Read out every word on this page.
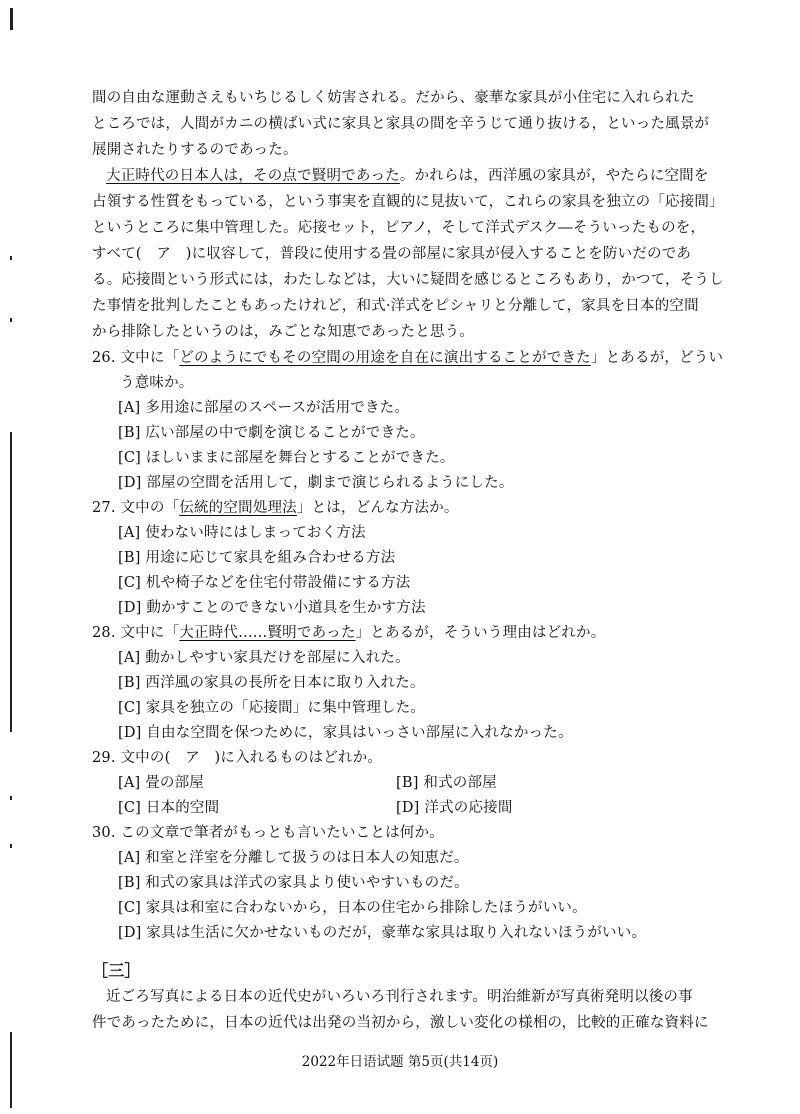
間の自由な運動さえもいちじるしく妨害される。だから、豪華な家具が小住宅に入れられた
ところでは，人間がカニの横ばい式に家具と家具の間を辛うじて通り抜ける，といった風景が
展開されたりするのであった。
大正時代の日本人は，その点で賢明であった。かれらは，西洋風の家具が，やたらに空間を
占領する性質をもっている，という事実を直観的に見抜いて，これらの家具を独立の「応接間」
というところに集中管理した。応接セット，ピアノ，そして洋式デスク―そういったものを，
すべて(　ア　)に収容して，普段に使用する畳の部屋に家具が侵入することを防いだのであ
る。応接間という形式には，わたしなどは，大いに疑問を感じるところもあり，かつて，そうし
た事情を批判したこともあったけれど，和式·洋式をピシャリと分離して，家具を日本的空間
から排除したというのは，みごとな知恵であったと思う。
26. 文中に「どのようにでもその空間の用途を自在に演出することができた」とあるが，どうい
う意味か。
[A] 多用途に部屋のスペースが活用できた。
[B] 広い部屋の中で劇を演じることができた。
[C] ほしいままに部屋を舞台とすることができた。
[D] 部屋の空間を活用して，劇まで演じられるようにした。
27. 文中の「伝統的空間処理法」とは，どんな方法か。
[A] 使わない時にはしまっておく方法
[B] 用途に応じて家具を組み合わせる方法
[C] 机や椅子などを住宅付帯設備にする方法
[D] 動かすことのできない小道具を生かす方法
28. 文中に「大正時代……賢明であった」とあるが，そういう理由はどれか。
[A] 動かしやすい家具だけを部屋に入れた。
[B] 西洋風の家具の長所を日本に取り入れた。
[C] 家具を独立の「応接間」に集中管理した。
[D] 自由な空間を保つために，家具はいっさい部屋に入れなかった。
29. 文中の(　ア　)に入れるものはどれか。
[A] 畳の部屋	[B] 和式の部屋
[C] 日本的空間	[D] 洋式の応接間
30. この文章で筆者がもっとも言いたいことは何か。
[A] 和室と洋室を分離して扱うのは日本人の知恵だ。
[B] 和式の家具は洋式の家具より使いやすいものだ。
[C] 家具は和室に合わないから，日本の住宅から排除したほうがいい。
[D] 家具は生活に欠かせないものだが，豪華な家具は取り入れないほうがいい。
［三］
近ごろ写真による日本の近代史がいろいろ刊行されます。明治維新が写真術発明以後の事
件であったために，日本の近代は出発の当初から，激しい変化の様相の，比較的正確な資料に
2022年日语试题 第5页(共14页)
